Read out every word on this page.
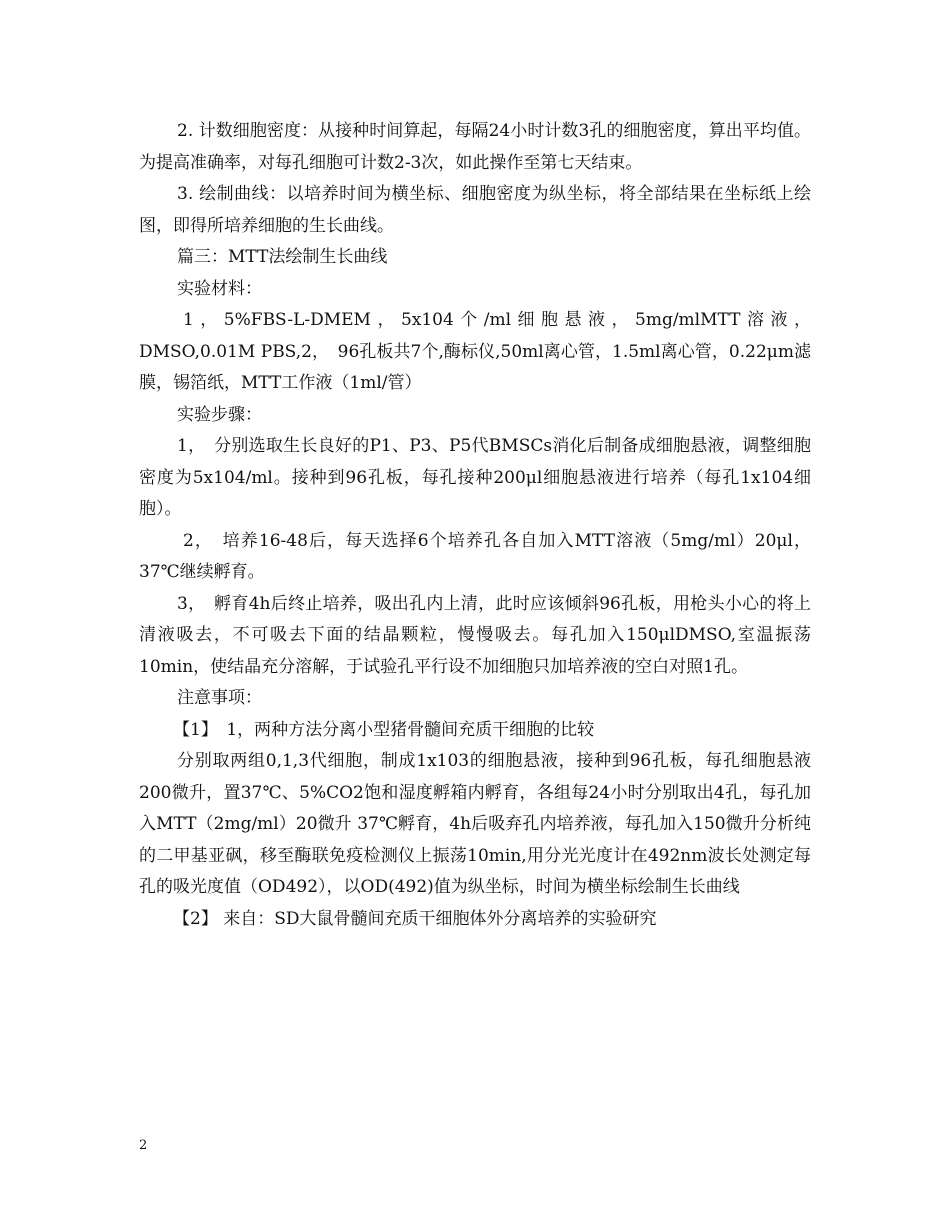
2. 计数细胞密度：从接种时间算起，每隔24小时计数3孔的细胞密度，算出平均值。为提高准确率，对每孔细胞可计数2-3次，如此操作至第七天结束。

3. 绘制曲线：以培养时间为横坐标、细胞密度为纵坐标，将全部结果在坐标纸上绘图，即得所培养细胞的生长曲线。

篇三：MTT法绘制生长曲线

实验材料：

1，5%FBS-L-DMEM，5x104个/ml细胞悬液，5mg/mlMTT溶液，DMSO,0.01M PBS,2，　96孔板共7个,酶标仪,50ml离心管，1.5ml离心管，0.22μm滤膜，锡箔纸，MTT工作液（1ml/管）

实验步骤：

1，　分别选取生长良好的P1、P3、P5代BMSCs消化后制备成细胞悬液，调整细胞密度为5x104/ml。接种到96孔板，每孔接种200μl细胞悬液进行培养（每孔1x104细胞）。

2，　培养16-48后，每天选择6个培养孔各自加入MTT溶液（5mg/ml）20μl，37℃继续孵育。

3，　孵育4h后终止培养，吸出孔内上清，此时应该倾斜96孔板，用枪头小心的将上清液吸去，不可吸去下面的结晶颗粒，慢慢吸去。每孔加入150μlDMSO,室温振荡10min，使结晶充分溶解，于试验孔平行设不加细胞只加培养液的空白对照1孔。

注意事项：

【1】　1，两种方法分离小型猪骨髓间充质干细胞的比较

分别取两组0,1,3代细胞，制成1x103的细胞悬液，接种到96孔板，每孔细胞悬液200微升，置37℃、5%CO2饱和湿度孵箱内孵育，各组每24小时分别取出4孔，每孔加入MTT（2mg/ml）20微升 37℃孵育，4h后吸弃孔内培养液，每孔加入150微升分析纯的二甲基亚砜，移至酶联免疫检测仪上振荡10min,用分光光度计在492nm波长处测定每孔的吸光度值（OD492），以OD(492)值为纵坐标，时间为横坐标绘制生长曲线

【2】 来自：SD大鼠骨髓间充质干细胞体外分离培养的实验研究

2
